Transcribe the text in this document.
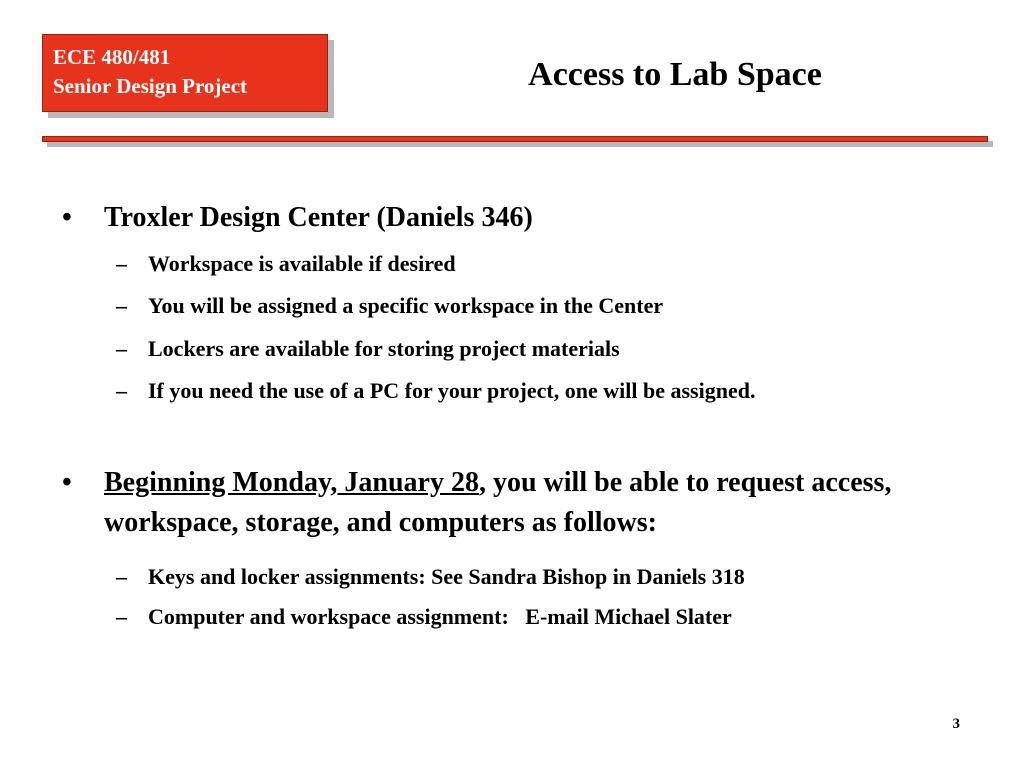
ECE 480/481
Senior Design Project	Access to Lab Space
• Troxler Design Center (Daniels 346)
– Workspace is available if desired
– You will be assigned a specific workspace in the Center
– Lockers are available for storing project materials
– If you need the use of a PC for your project, one will be assigned.
• Beginning Monday, January 28, you will be able to request access, workspace, storage, and computers as follows:
– Keys and locker assignments: See Sandra Bishop in Daniels 318
– Computer and workspace assignment:   E-mail Michael Slater
3
